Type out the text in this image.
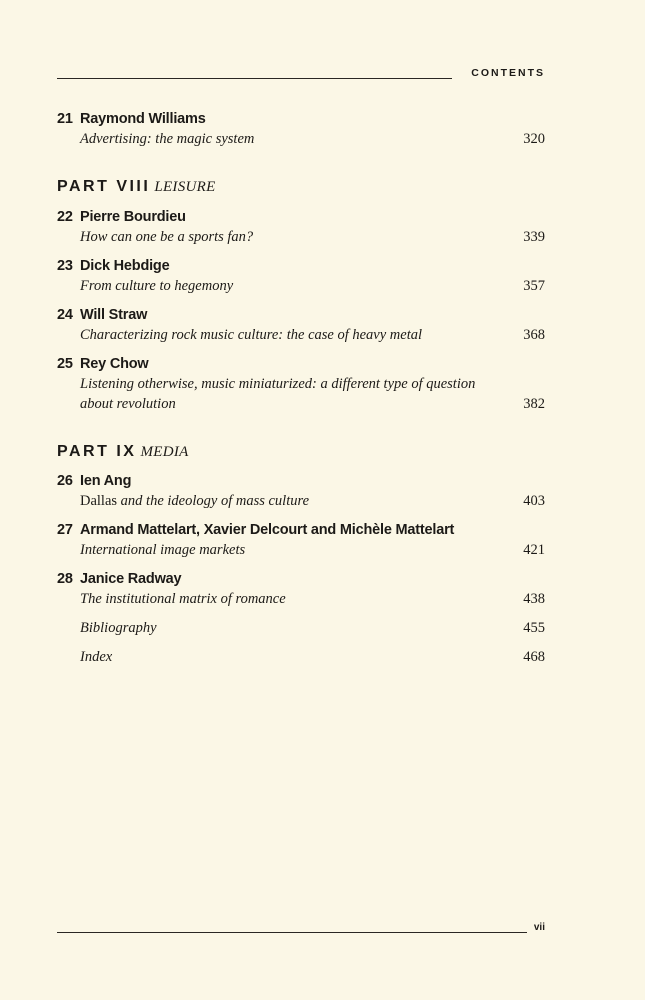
CONTENTS
21 Raymond Williams
Advertising: the magic system	320
PART VIII LEISURE
22 Pierre Bourdieu
How can one be a sports fan?	339
23 Dick Hebdige
From culture to hegemony	357
24 Will Straw
Characterizing rock music culture: the case of heavy metal	368
25 Rey Chow
Listening otherwise, music miniaturized: a different type of question
about revolution	382
PART IX MEDIA
26 Ien Ang
Dallas and the ideology of mass culture	403
27 Armand Mattelart, Xavier Delcourt and Michèle Mattelart
International image markets	421
28 Janice Radway
The institutional matrix of romance	438
Bibliography	455
Index	468
vii
